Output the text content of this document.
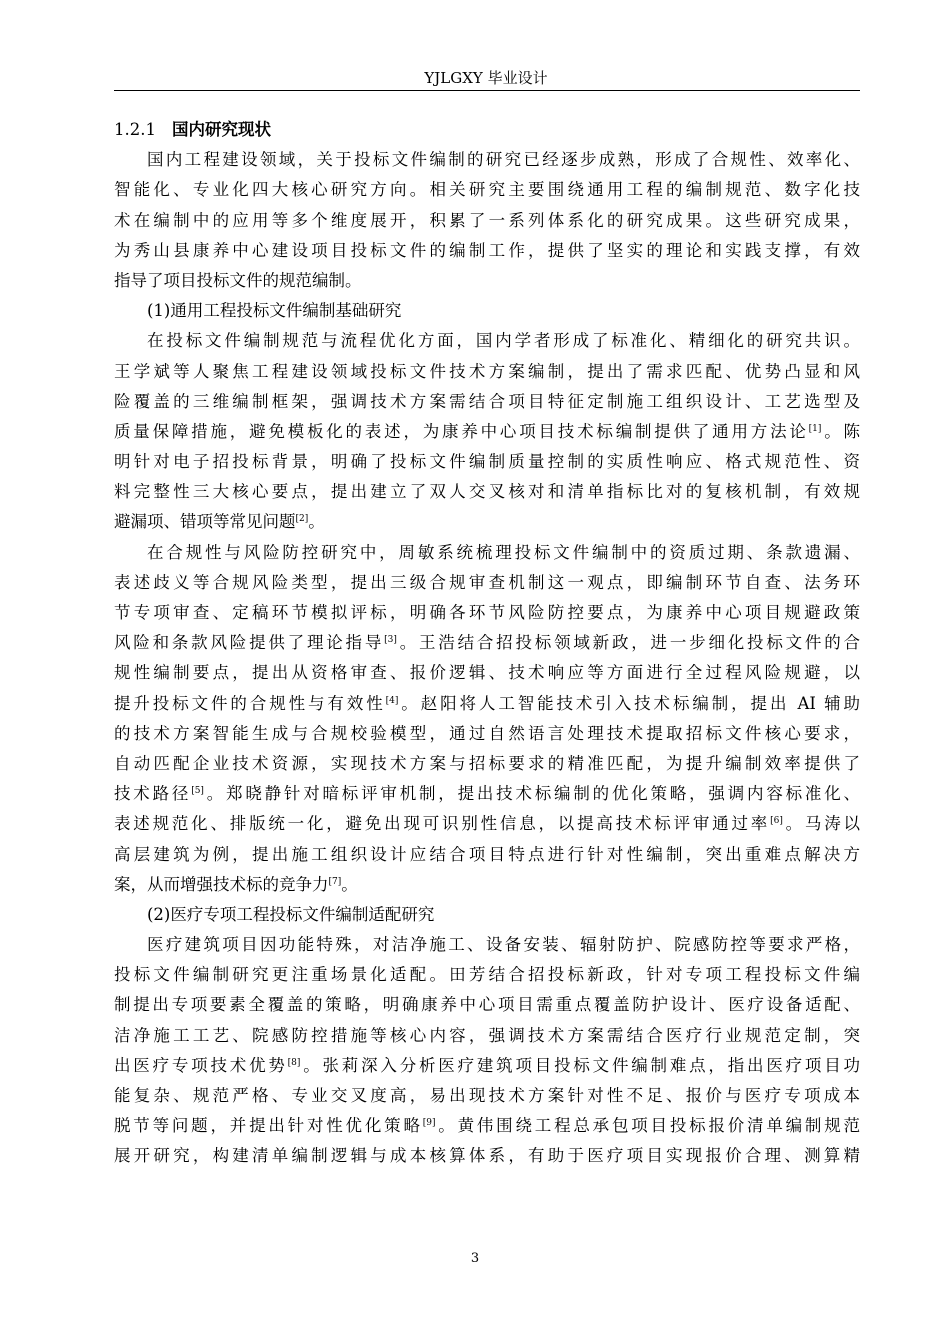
YJLGXY 毕业设计
1.2.1 国内研究现状
国内工程建设领域，关于投标文件编制的研究已经逐步成熟，形成了合规性、效率化、
智能化、专业化四大核心研究方向。相关研究主要围绕通用工程的编制规范、数字化技
术在编制中的应用等多个维度展开，积累了一系列体系化的研究成果。这些研究成果，
为秀山县康养中心建设项目投标文件的编制工作，提供了坚实的理论和实践支撑，有效
指导了项目投标文件的规范编制。
(1)通用工程投标文件编制基础研究
在投标文件编制规范与流程优化方面，国内学者形成了标准化、精细化的研究共识。
王学斌等人聚焦工程建设领域投标文件技术方案编制，提出了需求匹配、优势凸显和风
险覆盖的三维编制框架，强调技术方案需结合项目特征定制施工组织设计、工艺选型及
质量保障措施，避免模板化的表述，为康养中心项目技术标编制提供了通用方法论[1]。陈
明针对电子招投标背景，明确了投标文件编制质量控制的实质性响应、格式规范性、资
料完整性三大核心要点，提出建立了双人交叉核对和清单指标比对的复核机制，有效规
避漏项、错项等常见问题[2]。
在合规性与风险防控研究中，周敏系统梳理投标文件编制中的资质过期、条款遗漏、
表述歧义等合规风险类型，提出三级合规审查机制这一观点，即编制环节自查、法务环
节专项审查、定稿环节模拟评标，明确各环节风险防控要点，为康养中心项目规避政策
风险和条款风险提供了理论指导[3]。王浩结合招投标领域新政，进一步细化投标文件的合
规性编制要点，提出从资格审查、报价逻辑、技术响应等方面进行全过程风险规避，以
提升投标文件的合规性与有效性[4]。赵阳将人工智能技术引入技术标编制，提出 AI 辅助
的技术方案智能生成与合规校验模型，通过自然语言处理技术提取招标文件核心要求，
自动匹配企业技术资源，实现技术方案与招标要求的精准匹配，为提升编制效率提供了
技术路径[5]。郑晓静针对暗标评审机制，提出技术标编制的优化策略，强调内容标准化、
表述规范化、排版统一化，避免出现可识别性信息，以提高技术标评审通过率[6]。马涛以
高层建筑为例，提出施工组织设计应结合项目特点进行针对性编制，突出重难点解决方
案，从而增强技术标的竞争力[7]。
(2)医疗专项工程投标文件编制适配研究
医疗建筑项目因功能特殊，对洁净施工、设备安装、辐射防护、院感防控等要求严格，
投标文件编制研究更注重场景化适配。田芳结合招投标新政，针对专项工程投标文件编
制提出专项要素全覆盖的策略，明确康养中心项目需重点覆盖防护设计、医疗设备适配、
洁净施工工艺、院感防控措施等核心内容，强调技术方案需结合医疗行业规范定制，突
出医疗专项技术优势[8]。张莉深入分析医疗建筑项目投标文件编制难点，指出医疗项目功
能复杂、规范严格、专业交叉度高，易出现技术方案针对性不足、报价与医疗专项成本
脱节等问题，并提出针对性优化策略[9]。黄伟围绕工程总承包项目投标报价清单编制规范
展开研究，构建清单编制逻辑与成本核算体系，有助于医疗项目实现报价合理、测算精
3
